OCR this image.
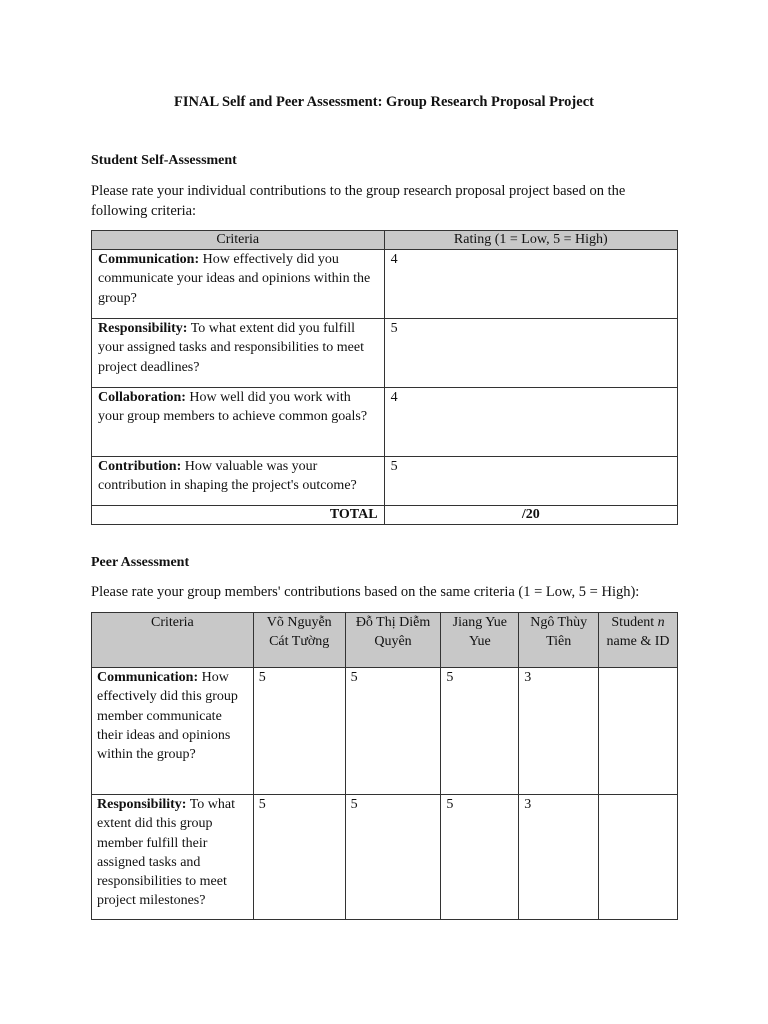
FINAL Self and Peer Assessment: Group Research Proposal Project
Student Self-Assessment
Please rate your individual contributions to the group research proposal project based on the following criteria:
Criteria	Rating (1 = Low, 5 = High)
Communication: How effectively did you communicate your ideas and opinions within the group?	4
Responsibility: To what extent did you fulfill your assigned tasks and responsibilities to meet project deadlines?	5
Collaboration: How well did you work with your group members to achieve common goals?	4
Contribution: How valuable was your contribution in shaping the project's outcome?	5
TOTAL	/20
Peer Assessment
Please rate your group members' contributions based on the same criteria (1 = Low, 5 = High):
Criteria	Võ Nguyễn Cát Tường	Đỗ Thị Diễm Quyên	Jiang Yue Yue	Ngô Thùy Tiên	Student n name & ID
Communication: How effectively did this group member communicate their ideas and opinions within the group?	5	5	5	3	
Responsibility: To what extent did this group member fulfill their assigned tasks and responsibilities to meet project milestones?	5	5	5	3	
